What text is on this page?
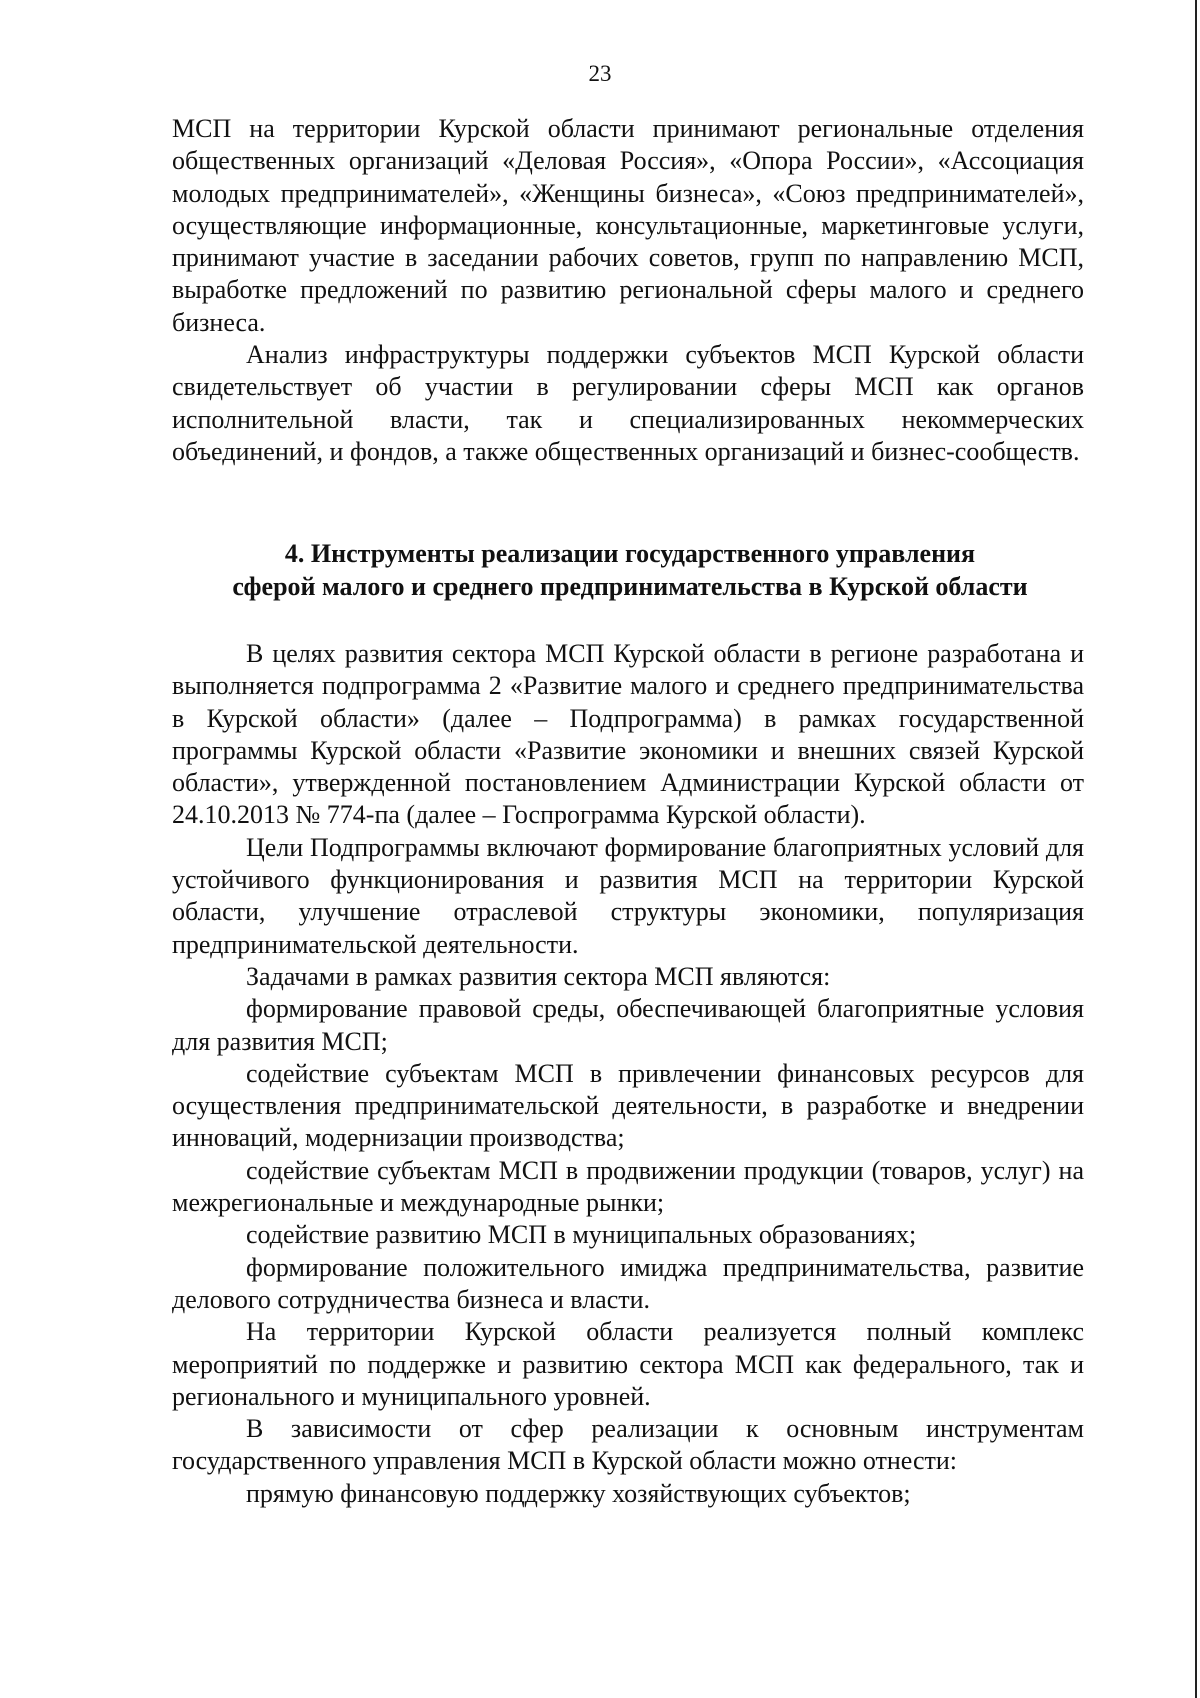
23

МСП на территории Курской области принимают региональные отделения общественных организаций «Деловая Россия», «Опора России», «Ассоциация молодых предпринимателей», «Женщины бизнеса», «Союз предпринимателей», осуществляющие информационные, консультационные, маркетинговые услуги, принимают участие в заседании рабочих советов, групп по направлению МСП, выработке предложений по развитию региональной сферы малого и среднего бизнеса.

Анализ инфраструктуры поддержки субъектов МСП Курской области свидетельствует об участии в регулировании сферы МСП как органов исполнительной власти, так и специализированных некоммерческих объединений, и фондов, а также общественных организаций и бизнес-сообществ.

4. Инструменты реализации государственного управления
сферой малого и среднего предпринимательства в Курской области

В целях развития сектора МСП Курской области в регионе разработана и выполняется подпрограмма 2 «Развитие малого и среднего предпринимательства в Курской области» (далее – Подпрограмма) в рамках государственной программы Курской области «Развитие экономики и внешних связей Курской области», утвержденной постановлением Администрации Курской области от 24.10.2013 № 774-па (далее – Госпрограмма Курской области).

Цели Подпрограммы включают формирование благоприятных условий для устойчивого функционирования и развития МСП на территории Курской области, улучшение отраслевой структуры экономики, популяризация предпринимательской деятельности.

Задачами в рамках развития сектора МСП являются:

формирование правовой среды, обеспечивающей благоприятные условия для развития МСП;

содействие субъектам МСП в привлечении финансовых ресурсов для осуществления предпринимательской деятельности, в разработке и внедрении инноваций, модернизации производства;

содействие субъектам МСП в продвижении продукции (товаров, услуг) на межрегиональные и международные рынки;

содействие развитию МСП в муниципальных образованиях;

формирование положительного имиджа предпринимательства, развитие делового сотрудничества бизнеса и власти.

На территории Курской области реализуется полный комплекс мероприятий по поддержке и развитию сектора МСП как федерального, так и регионального и муниципального уровней.

В зависимости от сфер реализации к основным инструментам государственного управления МСП в Курской области можно отнести:

прямую финансовую поддержку хозяйствующих субъектов;
